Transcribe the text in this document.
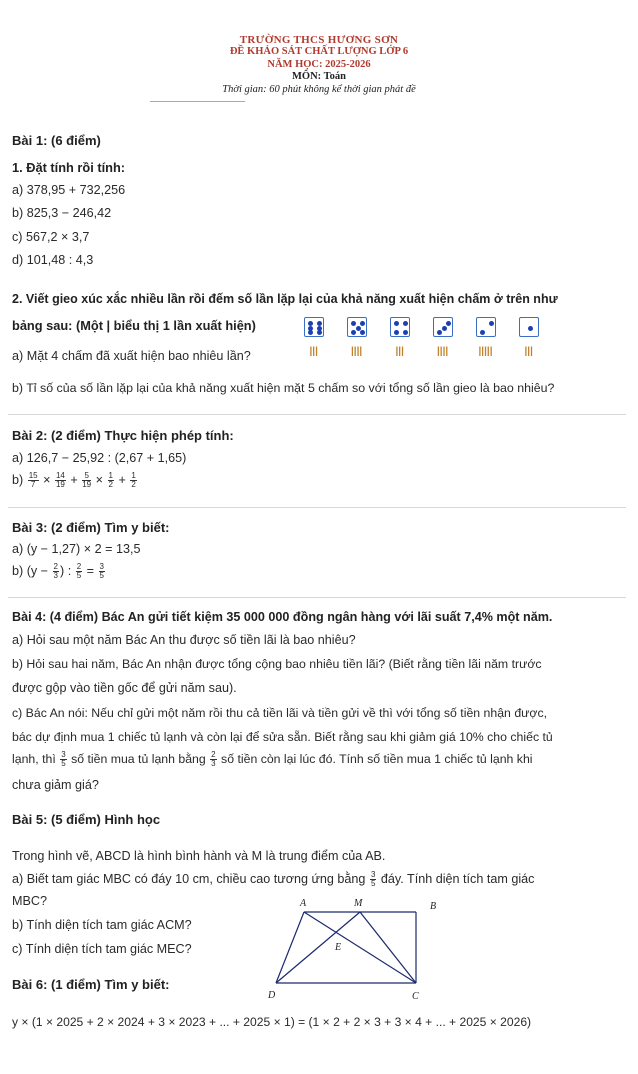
TRƯỜNG THCS HƯƠNG SƠN
ĐỀ KHẢO SÁT CHẤT LƯỢNG LỚP 6
NĂM HỌC: 2025-2026
MÔN: Toán
Thời gian: 60 phút không kể thời gian phát đề
Bài 1: (6 điểm)
1. Đặt tính rồi tính:
a) 378,95 + 732,256
b) 825,3 − 246,42
c) 567,2 × 3,7
d) 101,48 : 4,3
2. Viết gieo xúc xắc nhiều lần rồi đếm số lần lặp lại của khả năng xuất hiện chấm ở trên như
bảng sau: (Một | biểu thị 1 lần xuất hiện)
a) Mặt 4 chấm đã xuất hiện bao nhiêu lần?
b) Tỉ số của số lần lặp lại của khả năng xuất hiện mặt 5 chấm so với tổng số lần gieo là bao nhiêu?
Bài 2: (2 điểm) Thực hiện phép tính:
a) 126,7 − 25,92 : (2,67 + 1,65)
$b) \frac{15}{7} \times \frac{14}{19} + \frac{5}{19} \times \frac{1}{2} + \frac{1}{2}$
Bài 3: (2 điểm) Tìm y biết:
a) (y − 1,27) × 2 = 13,5
b) ($y - \frac{2}{3}$ ) : $\frac{2}{5} = \frac{3}{5}$
Bài 4: (4 điểm) Bác An gửi tiết kiệm 35 000 000 đồng ngân hàng với lãi suất 7,4% một năm.
a) Hỏi sau một năm Bác An thu được số tiền lãi là bao nhiêu?
b) Hỏi sau hai năm, Bác An nhận được tổng cộng bao nhiêu tiền lãi? (Biết rằng tiền lãi năm trước
được gộp vào tiền gốc để gửi năm sau).
c) Bác An nói: Nếu chỉ gửi một năm rồi thu cả tiền lãi và tiền gửi về thì với tổng số tiền nhận được,
bác dự định mua 1 chiếc tủ lạnh và còn lại để sửa sẵn. Biết rằng sau khi giảm giá 10% cho chiếc tủ
lạnh, thì $\frac{3}{5}$ số tiền mua tủ lạnh bằng $\frac{2}{3}$ số tiền còn lại lúc đó. Tính số tiền mua 1 chiếc tủ lạnh khi
chưa giảm giá?
Bài 5: (5 điểm) Hình học
Trong hình vẽ, ABCD là hình bình hành và M là trung điểm của AB.
a) Biết tam giác MBC có đáy 10 cm, chiều cao tương ứng bằng $\frac{3}{5}$ đáy. Tính diện tích tam giác
MBC?
b) Tính diện tích tam giác ACM?
c) Tính diện tích tam giác MEC?
A	M	B
E
D	C
Bài 6: (1 điểm) Tìm y biết:
y × (1 × 2025 + 2 × 2024 + 3 × 2023 + ... + 2025 × 1) = (1 × 2 + 2 × 3 + 3 × 4 + ... + 2025 × 2026)
|||	||||	|||	||||	|||||	|||
